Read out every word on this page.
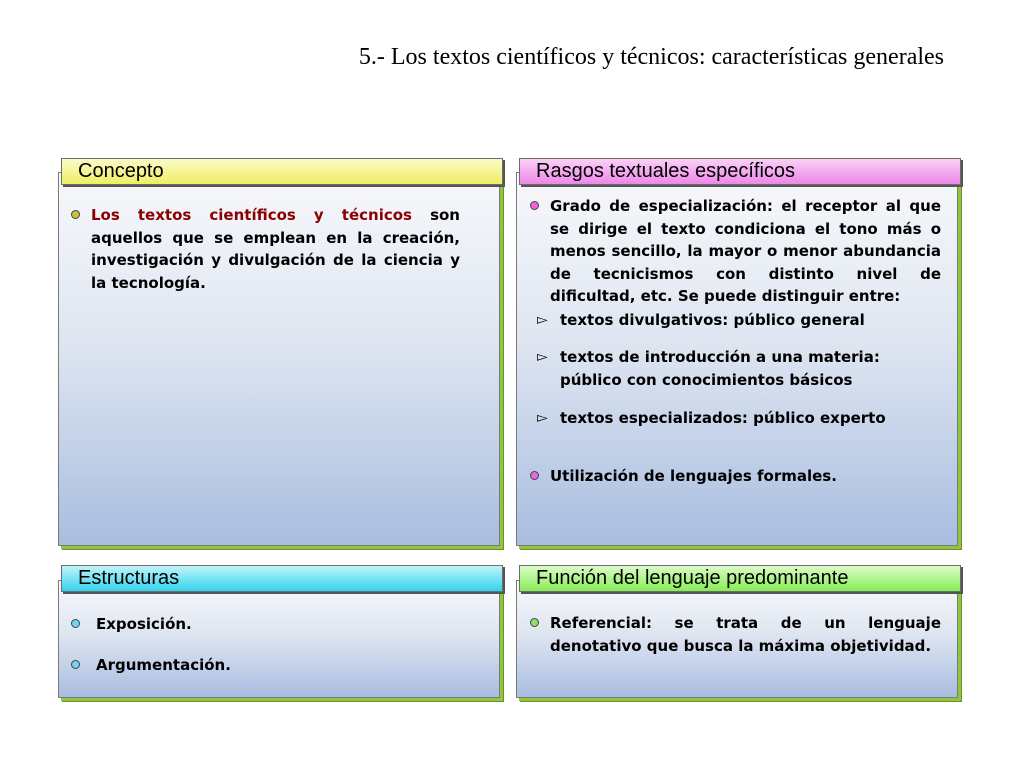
5.- Los textos científicos y técnicos: características generales
Concepto
Los textos científicos y técnicos son aquellos que se emplean en la creación, investigación y divulgación de la ciencia y la tecnología.
Rasgos textuales específicos
Grado de especialización: el receptor al que se dirige el texto condiciona el tono más o menos sencillo, la mayor o menor abundancia de tecnicismos con distinto nivel de dificultad, etc. Se puede distinguir entre:
▻ textos divulgativos: público general
▻ textos de introducción a una materia: público con conocimientos básicos
▻ textos especializados: público experto
Utilización de lenguajes formales.
Estructuras
Exposición.
Argumentación.
Función del lenguaje predominante
Referencial: se trata de un lenguaje denotativo que busca la máxima objetividad.
